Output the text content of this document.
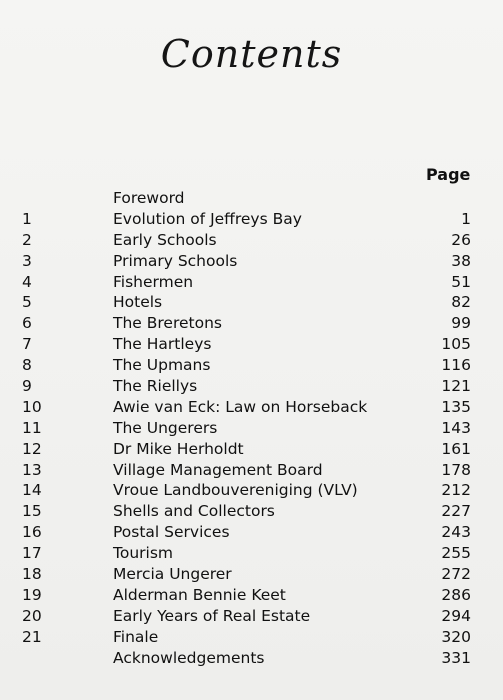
Contents
Page
Foreword
1	Evolution of Jeffreys Bay	1
2	Early Schools	26
3	Primary Schools	38
4	Fishermen	51
5	Hotels	82
6	The Breretons	99
7	The Hartleys	105
8	The Upmans	116
9	The Riellys	121
10	Awie van Eck: Law on Horseback	135
11	The Ungerers	143
12	Dr Mike Herholdt	161
13	Village Management Board	178
14	Vroue Landbouvereniging (VLV)	212
15	Shells and Collectors	227
16	Postal Services	243
17	Tourism	255
18	Mercia Ungerer	272
19	Alderman Bennie Keet	286
20	Early Years of Real Estate	294
21	Finale	320
Acknowledgements	331
